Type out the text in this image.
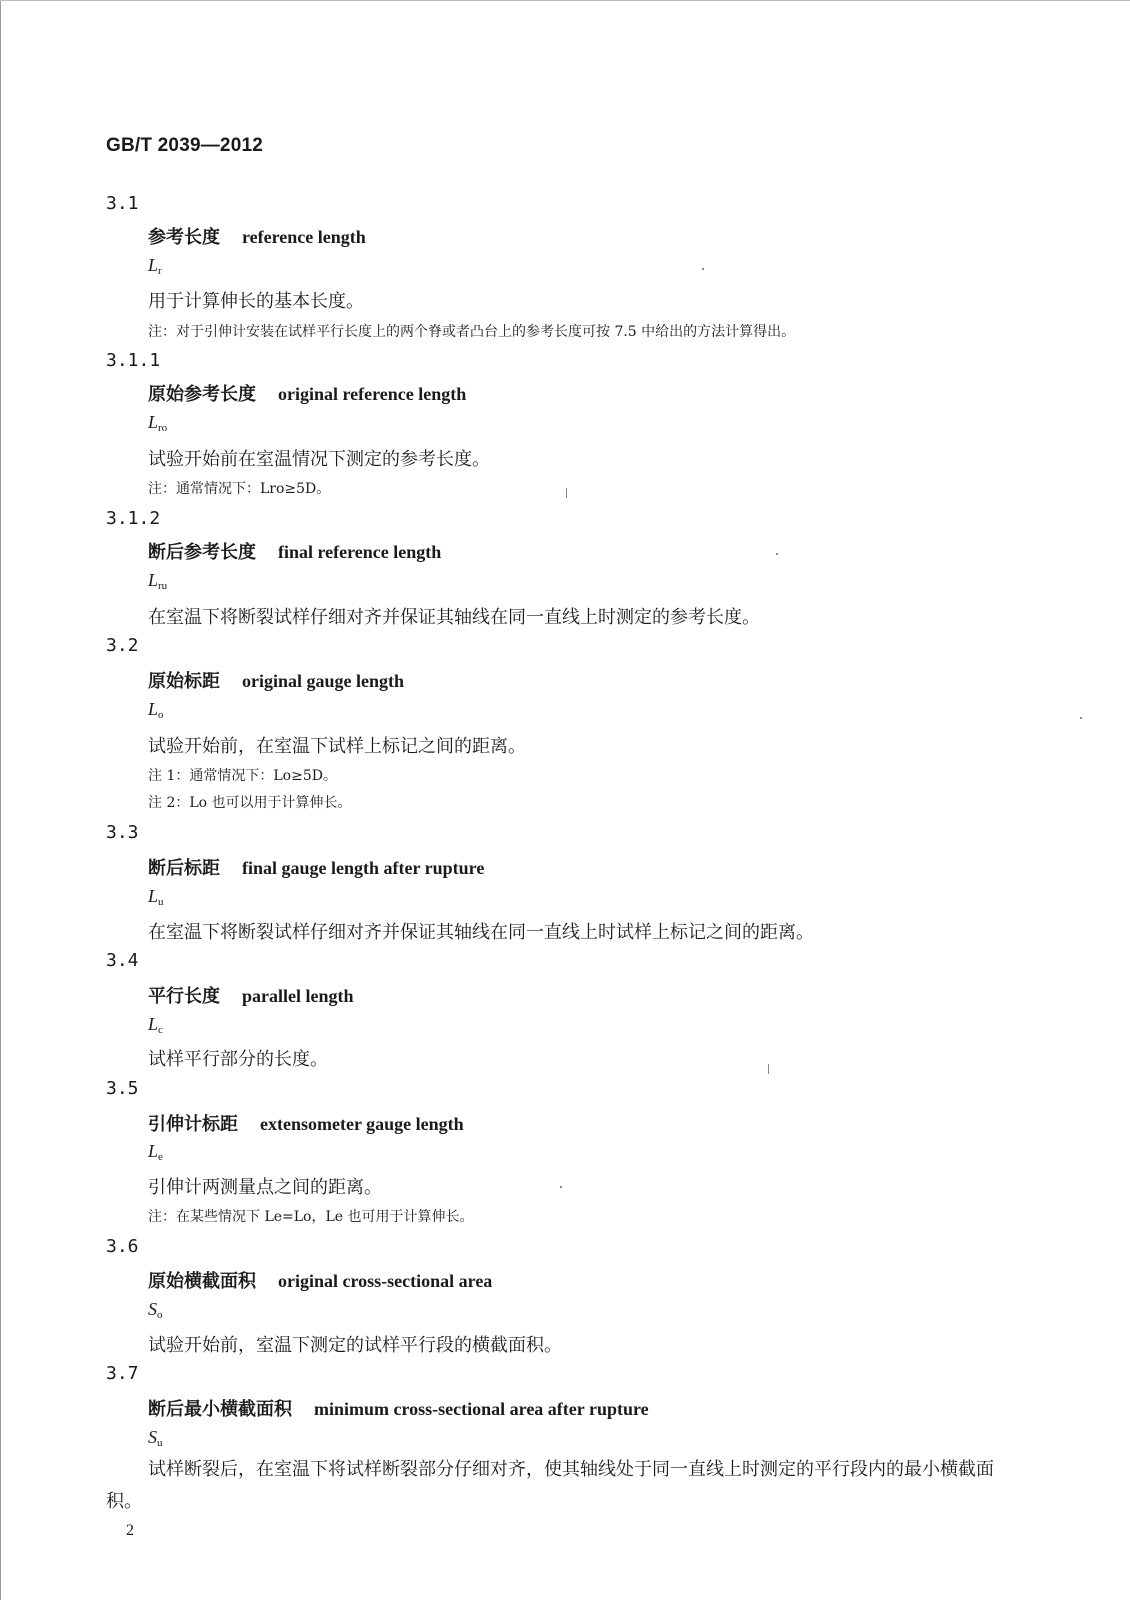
GB/T 2039—2012
3.1
参考长度 reference length
$L_r$
用于计算伸长的基本长度。
注：对于引伸计安装在试样平行长度上的两个脊或者凸台上的参考长度可按 7.5 中给出的方法计算得出。
3.1.1
原始参考长度 original reference length
$L_{ro}$
试验开始前在室温情况下测定的参考长度。
注：通常情况下：Lro≥5D。
3.1.2
断后参考长度 final reference length
$L_{ru}$
在室温下将断裂试样仔细对齐并保证其轴线在同一直线上时测定的参考长度。
3.2
原始标距 original gauge length
$L_o$
试验开始前，在室温下试样上标记之间的距离。
注 1：通常情况下：Lo≥5D。
注 2：Lo 也可以用于计算伸长。
3.3
断后标距 final gauge length after rupture
$L_u$
在室温下将断裂试样仔细对齐并保证其轴线在同一直线上时试样上标记之间的距离。
3.4
平行长度 parallel length
$L_c$
试样平行部分的长度。
3.5
引伸计标距 extensometer gauge length
$L_e$
引伸计两测量点之间的距离。
注：在某些情况下 Le=Lo，Le 也可用于计算伸长。
3.6
原始横截面积 original cross-sectional area
$S_o$
试验开始前，室温下测定的试样平行段的横截面积。
3.7
断后最小横截面积 minimum cross-sectional area after rupture
$S_u$
试样断裂后，在室温下将试样断裂部分仔细对齐，使其轴线处于同一直线上时测定的平行段内的最小横截面积。
2
